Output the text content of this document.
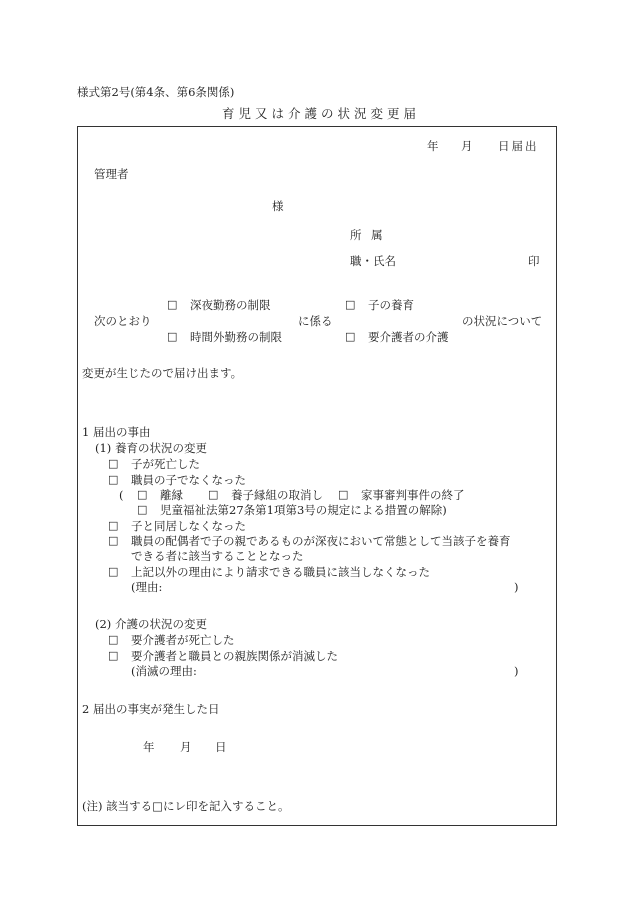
様式第2号(第4条、第6条関係)
育児又は介護の状況変更届
年 月 日届出
管理者
様
所 属
職・氏名	印
次のとおり
□ 深夜勤務の制限
□ 時間外勤務の制限
に係る
□ 子の養育
□ 要介護者の介護
の状況について
変更が生じたので届け出ます。
1 届出の事由
(1) 養育の状況の変更
□ 子が死亡した
□ 職員の子でなくなった
( □ 離縁 □ 養子縁組の取消し □ 家事審判事件の終了
□ 児童福祉法第27条第1項第3号の規定による措置の解除)
□ 子と同居しなくなった
□ 職員の配偶者で子の親であるものが深夜において常態として当該子を養育
できる者に該当することとなった
□ 上記以外の理由により請求できる職員に該当しなくなった
(理由:	)
(2) 介護の状況の変更
□ 要介護者が死亡した
□ 要介護者と職員との親族関係が消滅した
(消滅の理由:	)
2 届出の事実が発生した日
年 月 日
(注) 該当する□にレ印を記入すること。
